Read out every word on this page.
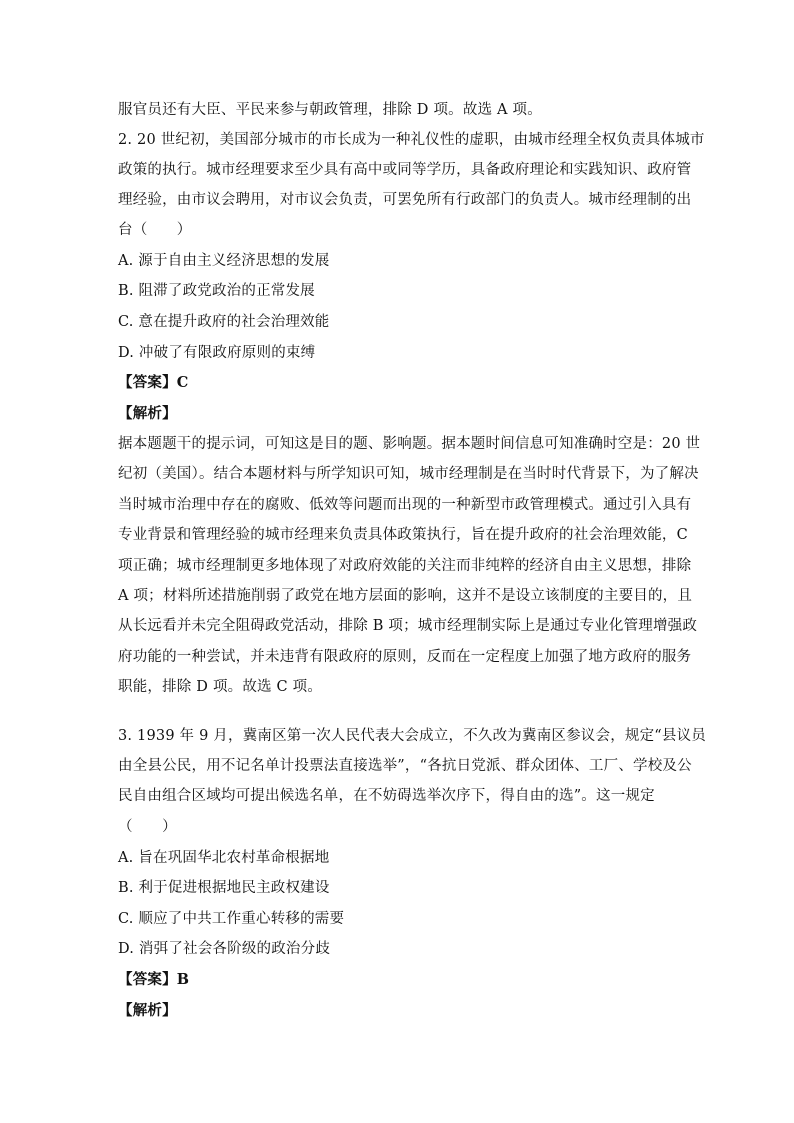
服官员还有大臣、平民来参与朝政管理，排除 D 项。故选 A 项。
2. 20 世纪初，美国部分城市的市长成为一种礼仪性的虚职，由城市经理全权负责具体城市
政策的执行。城市经理要求至少具有高中或同等学历，具备政府理论和实践知识、政府管
理经验，由市议会聘用，对市议会负责，可罢免所有行政部门的负责人。城市经理制的出
台（　　）
A. 源于自由主义经济思想的发展
B. 阻滞了政党政治的正常发展
C. 意在提升政府的社会治理效能
D. 冲破了有限政府原则的束缚
【答案】C
【解析】
据本题题干的提示词，可知这是目的题、影响题。据本题时间信息可知准确时空是：20 世
纪初（美国）。结合本题材料与所学知识可知，城市经理制是在当时时代背景下，为了解决
当时城市治理中存在的腐败、低效等问题而出现的一种新型市政管理模式。通过引入具有
专业背景和管理经验的城市经理来负责具体政策执行，旨在提升政府的社会治理效能，C
项正确；城市经理制更多地体现了对政府效能的关注而非纯粹的经济自由主义思想，排除
A 项；材料所述措施削弱了政党在地方层面的影响，这并不是设立该制度的主要目的，且
从长远看并未完全阻碍政党活动，排除 B 项；城市经理制实际上是通过专业化管理增强政
府功能的一种尝试，并未违背有限政府的原则，反而在一定程度上加强了地方政府的服务
职能，排除 D 项。故选 C 项。
3. 1939 年 9 月，冀南区第一次人民代表大会成立，不久改为冀南区参议会，规定“县议员
由全县公民，用不记名单计投票法直接选举”，“各抗日党派、群众团体、工厂、学校及公
民自由组合区域均可提出候选名单，在不妨碍选举次序下，得自由的选”。这一规定
（　　）
A. 旨在巩固华北农村革命根据地
B. 利于促进根据地民主政权建设
C. 顺应了中共工作重心转移的需要
D. 消弭了社会各阶级的政治分歧
【答案】B
【解析】
